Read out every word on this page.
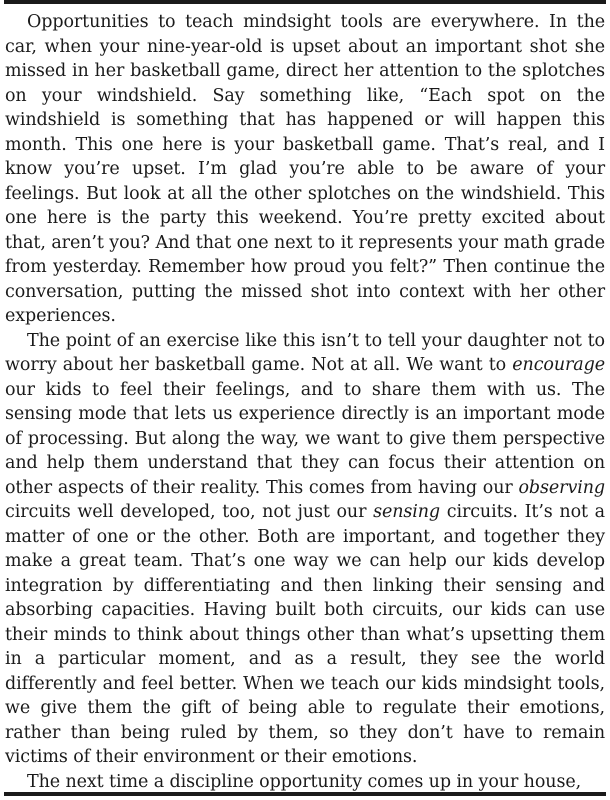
Opportunities to teach mindsight tools are everywhere. In the car, when your nine-year-old is upset about an important shot she missed in her basketball game, direct her attention to the splotches on your windshield. Say something like, “Each spot on the windshield is something that has happened or will happen this month. This one here is your basketball game. That’s real, and I know you’re upset. I’m glad you’re able to be aware of your feelings. But look at all the other splotches on the windshield. This one here is the party this weekend. You’re pretty excited about that, aren’t you? And that one next to it represents your math grade from yesterday. Remember how proud you felt?” Then continue the conversation, putting the missed shot into context with her other experiences.

The point of an exercise like this isn’t to tell your daughter not to worry about her basketball game. Not at all. We want to encourage our kids to feel their feelings, and to share them with us. The sensing mode that lets us experience directly is an important mode of processing. But along the way, we want to give them perspective and help them understand that they can focus their attention on other aspects of their reality. This comes from having our observing circuits well developed, too, not just our sensing circuits. It’s not a matter of one or the other. Both are important, and together they make a great team. That’s one way we can help our kids develop integration by differentiating and then linking their sensing and absorbing capacities. Having built both circuits, our kids can use their minds to think about things other than what’s upsetting them in a particular moment, and as a result, they see the world differently and feel better. When we teach our kids mindsight tools, we give them the gift of being able to regulate their emotions, rather than being ruled by them, so they don’t have to remain victims of their environment or their emotions.

The next time a discipline opportunity comes up in your house,
